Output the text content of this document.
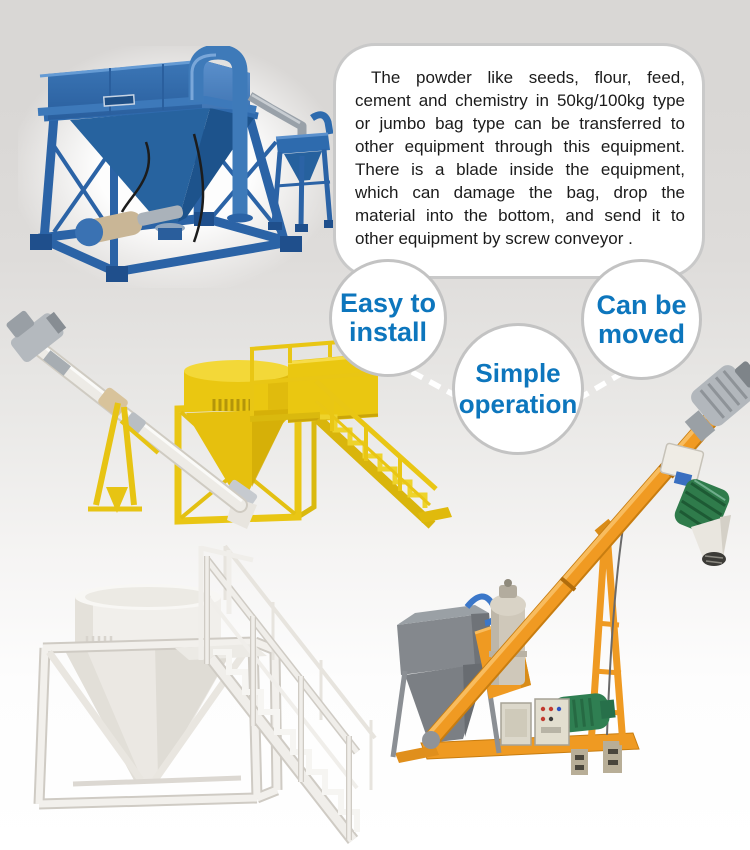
The powder like seeds, flour, feed, cement and chemistry in 50kg/100kg type or jumbo bag type can be transferred to other equipment through this equipment. There is a blade inside the equipment, which can damage the bag, drop the material into the bottom, and send it to other equipment by screw conveyor .

Easy to
install
Can be
moved
Simple
operation
